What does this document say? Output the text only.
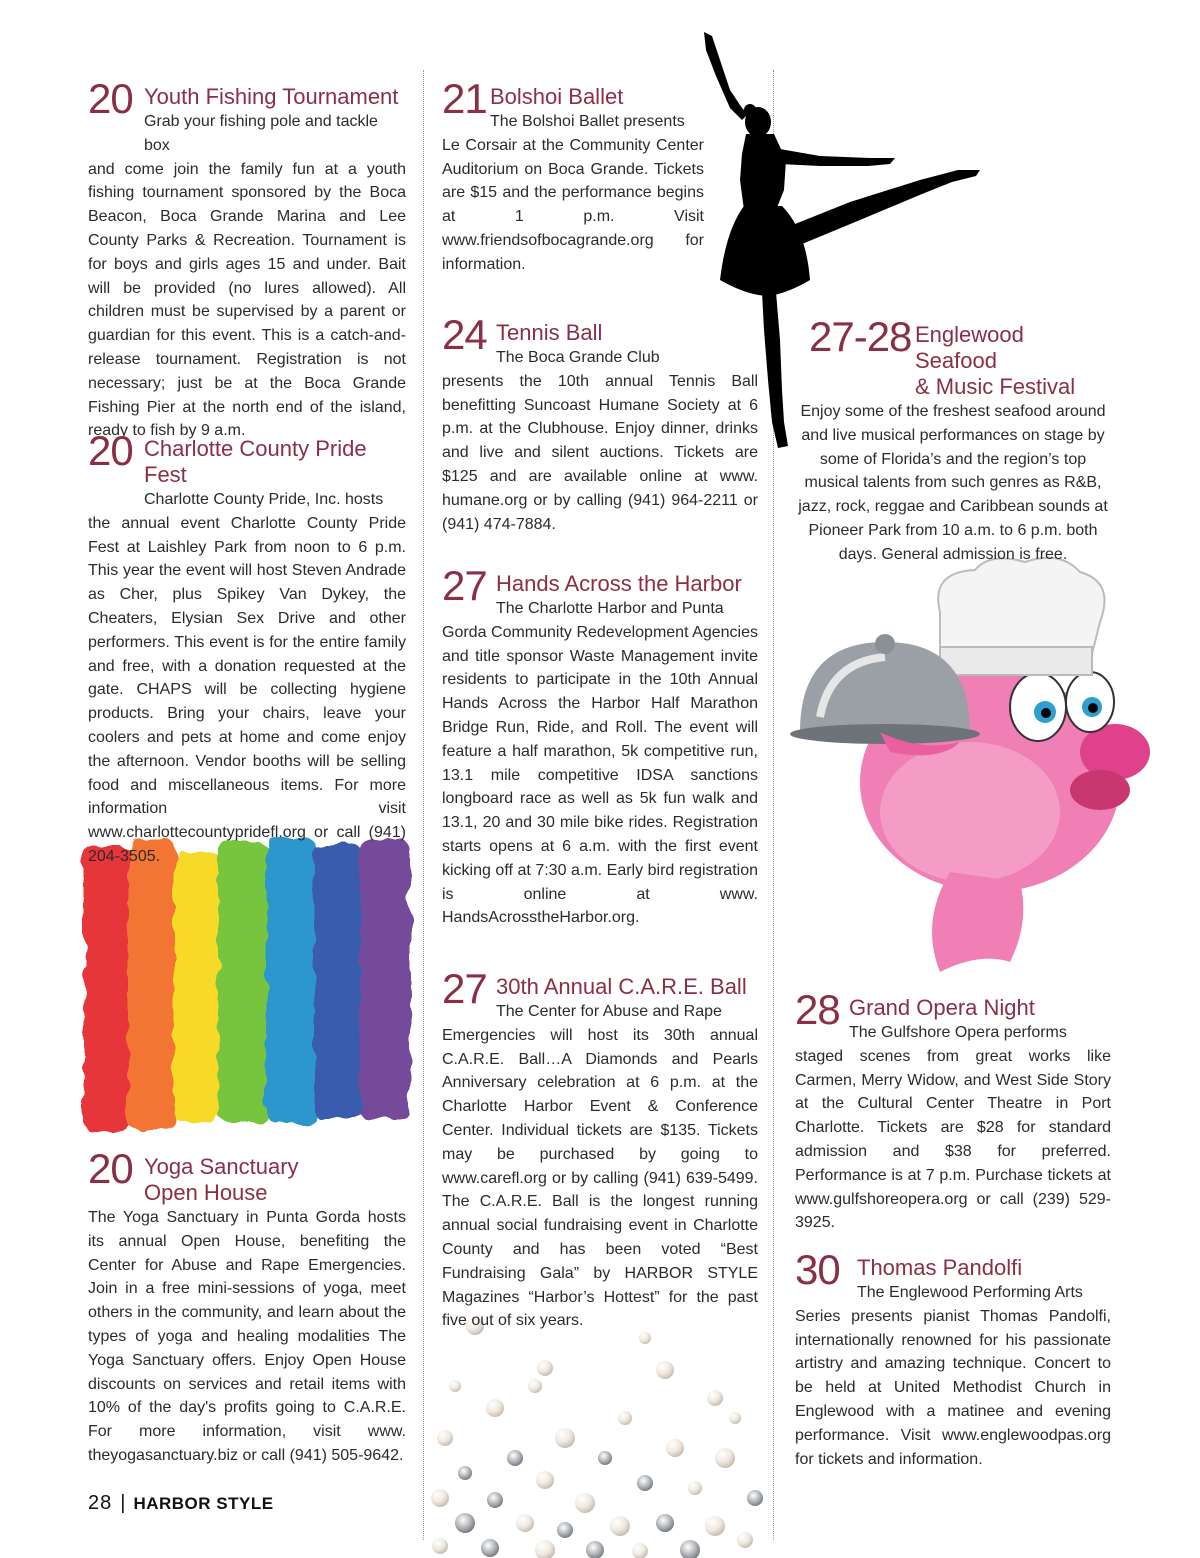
20 Youth Fishing Tournament
Grab your fishing pole and tackle box

and come join the family fun at a youth fishing tournament sponsored by the Boca Beacon, Boca Grande Marina and Lee County Parks & Recreation. Tournament is for boys and girls ages 15 and under. Bait will be provided (no lures allowed). All children must be supervised by a parent or guardian for this event. This is a catch-and-release tournament. Registration is not necessary; just be at the Boca Grande Fishing Pier at the north end of the island, ready to fish by 9 a.m.

20 Charlotte County Pride Fest
Charlotte County Pride, Inc. hosts

the annual event Charlotte County Pride Fest at Laishley Park from noon to 6 p.m. This year the event will host Steven Andrade as Cher, plus Spikey Van Dykey, the Cheaters, Elysian Sex Drive and other performers. This event is for the entire family and free, with a donation requested at the gate. CHAPS will be collecting hygiene products. Bring your chairs, leave your coolers and pets at home and come enjoy the afternoon. Vendor booths will be selling food and miscellaneous items. For more information visit www.charlottecountyprideﬂ.org or call (941) 204-3505.

20 Yoga Sanctuary
Open House

The Yoga Sanctuary in Punta Gorda hosts its annual Open House, benefiting the Center for Abuse and Rape Emergencies. Join in a free mini-sessions of yoga, meet others in the community, and learn about the types of yoga and healing modalities The Yoga Sanctuary offers. Enjoy Open House discounts on services and retail items with 10% of the day's profits going to C.A.R.E. For more information, visit www. theyogasanctuary.biz or call (941) 505-9642.

21 Bolshoi Ballet
The Bolshoi Ballet presents

Le Corsair at the Community Center Auditorium on Boca Grande. Tickets are $15 and the performance begins at 1 p.m. Visit www.friendsofbocagrande.org for information.

24 Tennis Ball
The Boca Grande Club

presents the 10th annual Tennis Ball benefitting Suncoast Humane Society at 6 p.m. at the Clubhouse. Enjoy dinner, drinks and live and silent auctions. Tickets are $125 and are available online at www. humane.org or by calling (941) 964-2211 or (941) 474-7884.

27 Hands Across the Harbor
The Charlotte Harbor and Punta

Gorda Community Redevelopment Agencies and title sponsor Waste Management invite residents to participate in the 10th Annual Hands Across the Harbor Half Marathon Bridge Run, Ride, and Roll. The event will feature a half marathon, 5k competitive run, 13.1 mile competitive IDSA sanctions longboard race as well as 5k fun walk and 13.1, 20 and 30 mile bike rides. Registration starts opens at 6 a.m. with the first event kicking off at 7:30 a.m. Early bird registration is online at www. HandsAcrosstheHarbor.org.

27 30th Annual C.A.R.E. Ball
The Center for Abuse and Rape

Emergencies will host its 30th annual C.A.R.E. Ball…A Diamonds and Pearls Anniversary celebration at 6 p.m. at the Charlotte Harbor Event & Conference Center. Individual tickets are $135. Tickets may be purchased by going to www.careﬂ.org or by calling (941) 639-5499. The C.A.R.E. Ball is the longest running annual social fundraising event in Charlotte County and has been voted “Best Fundraising Gala” by HARBOR STYLE Magazines “Harbor’s Hottest” for the past five out of six years.

27-28 Englewood Seafood
& Music Festival

Enjoy some of the freshest seafood around and live musical performances on stage by some of Florida’s and the region’s top musical talents from such genres as R&B, jazz, rock, reggae and Caribbean sounds at Pioneer Park from 10 a.m. to 6 p.m. both days. General admission is free.

28 Grand Opera Night
The Gulfshore Opera performs

staged scenes from great works like Carmen, Merry Widow, and West Side Story at the Cultural Center Theatre in Port Charlotte. Tickets are $28 for standard admission and $38 for preferred. Performance is at 7 p.m. Purchase tickets at www.gulfshoreopera.org or call (239) 529-3925.

30 Thomas Pandolfi
The Englewood Performing Arts

Series presents pianist Thomas Pandolfi, internationally renowned for his passionate artistry and amazing technique. Concert to be held at United Methodist Church in Englewood with a matinee and evening performance. Visit www.englewoodpas.org for tickets and information.

28 | HARBOR STYLE
